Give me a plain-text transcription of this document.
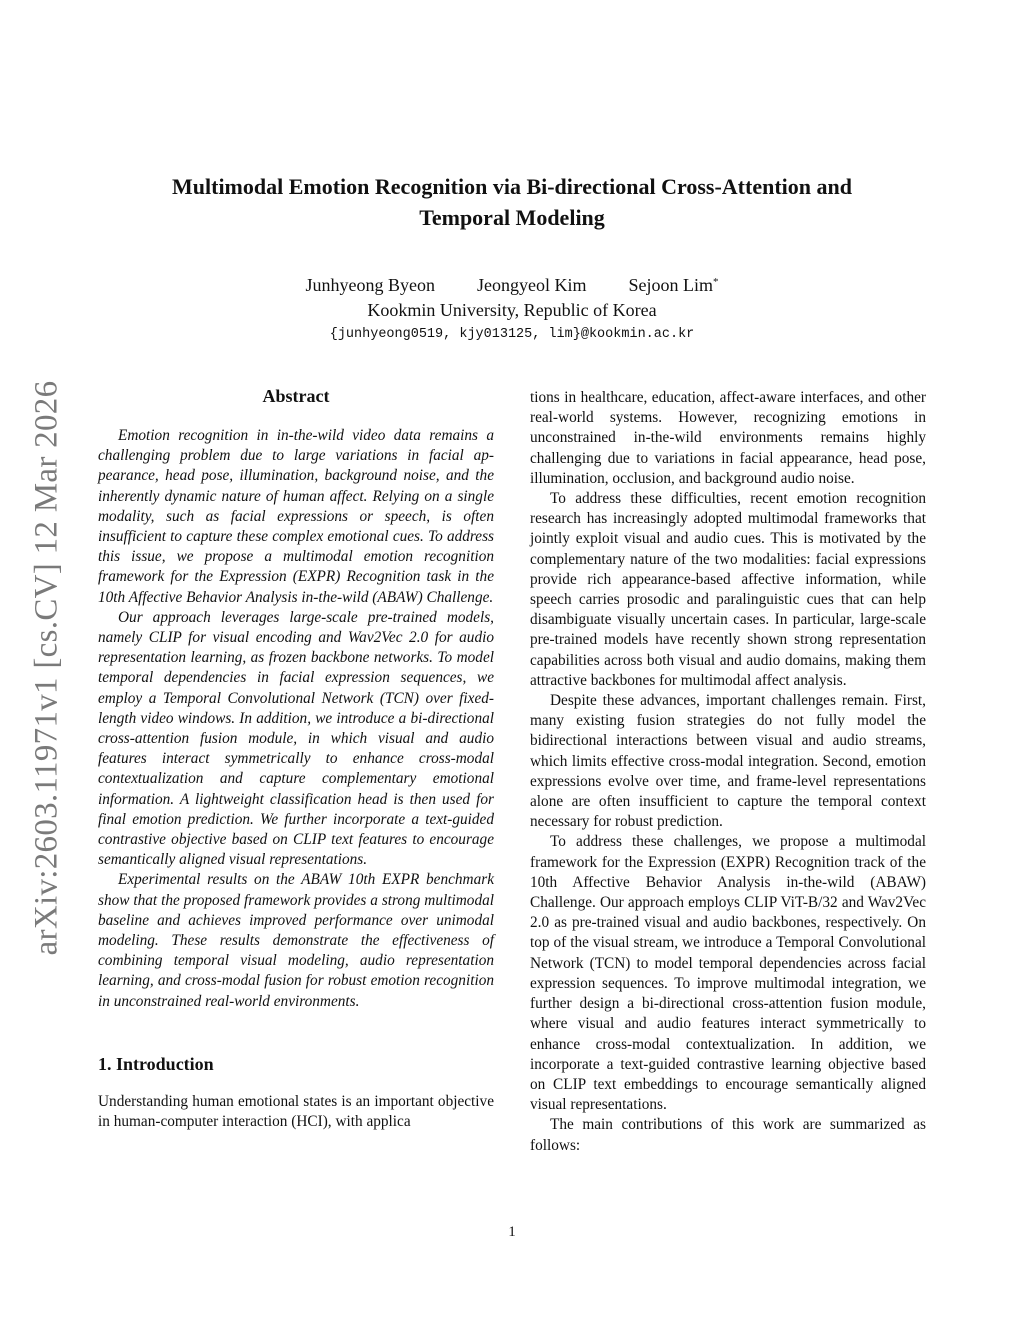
arXiv:2603.11971v1 [cs.CV] 12 Mar 2026
Multimodal Emotion Recognition via Bi-directional Cross-Attention and
Temporal Modeling
Junhyeong Byeon Jeongyeol Kim Sejoon Lim*
Kookmin University, Republic of Korea
{junhyeong0519, kjy013125, lim}@kookmin.ac.kr
Abstract

Emotion recognition in in-the-wild video data remains a challenging problem due to large variations in facial appearance, head pose, illumination, background noise, and the inherently dynamic nature of human affect. Relying on a single modality, such as facial expressions or speech, is often insufficient to capture these complex emotional cues. To address this issue, we propose a multimodal emotion recognition framework for the Expression (EXPR) Recognition task in the 10th Affective Behavior Analysis in-the-wild (ABAW) Challenge.

Our approach leverages large-scale pre-trained models, namely CLIP for visual encoding and Wav2Vec 2.0 for audio representation learning, as frozen backbone networks. To model temporal dependencies in facial expression sequences, we employ a Temporal Convolutional Network (TCN) over fixed-length video windows. In addition, we introduce a bi-directional cross-attention fusion module, in which visual and audio features interact symmetrically to enhance cross-modal contextualization and capture complementary emotional information. A lightweight classification head is then used for final emotion prediction. We further incorporate a text-guided contrastive objective based on CLIP text features to encourage semantically aligned visual representations.

Experimental results on the ABAW 10th EXPR benchmark show that the proposed framework provides a strong multimodal baseline and achieves improved performance over unimodal modeling. These results demonstrate the effectiveness of combining temporal visual modeling, audio representation learning, and cross-modal fusion for robust emotion recognition in unconstrained real-world environments.

1. Introduction

Understanding human emotional states is an important objective in human-computer interaction (HCI), with applica

tions in healthcare, education, affect-aware interfaces, and other real-world systems. However, recognizing emotions in unconstrained in-the-wild environments remains highly challenging due to variations in facial appearance, head pose, illumination, occlusion, and background audio noise.

To address these difficulties, recent emotion recognition research has increasingly adopted multimodal frameworks that jointly exploit visual and audio cues. This is motivated by the complementary nature of the two modalities: facial expressions provide rich appearance-based affective information, while speech carries prosodic and paralinguistic cues that can help disambiguate visually uncertain cases. In particular, large-scale pre-trained models have recently shown strong representation capabilities across both visual and audio domains, making them attractive backbones for multimodal affect analysis.

Despite these advances, important challenges remain. First, many existing fusion strategies do not fully model the bidirectional interactions between visual and audio streams, which limits effective cross-modal integration. Second, emotion expressions evolve over time, and frame-level representations alone are often insufficient to capture the temporal context necessary for robust prediction.

To address these challenges, we propose a multimodal framework for the Expression (EXPR) Recognition track of the 10th Affective Behavior Analysis in-the-wild (ABAW) Challenge. Our approach employs CLIP ViT-B/32 and Wav2Vec 2.0 as pre-trained visual and audio backbones, respectively. On top of the visual stream, we introduce a Temporal Convolutional Network (TCN) to model temporal dependencies across facial expression sequences. To improve multimodal integration, we further design a bi-directional cross-attention fusion module, where visual and audio features interact symmetrically to enhance cross-modal contextualization. In addition, we incorporate a text-guided contrastive learning objective based on CLIP text embeddings to encourage semantically aligned visual representations.

The main contributions of this work are summarized as follows:

1
